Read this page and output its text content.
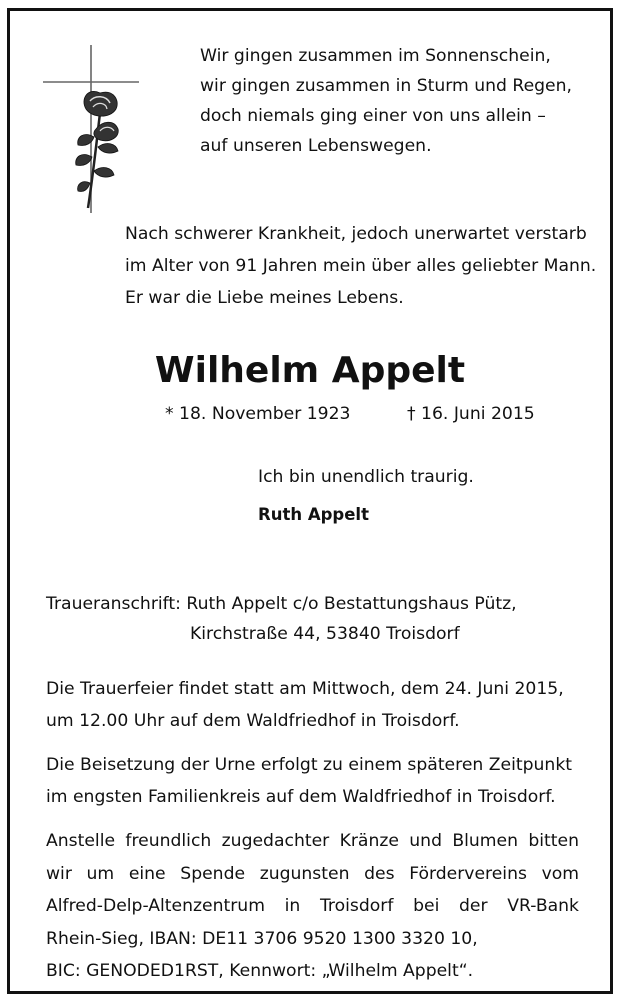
Wir gingen zusammen im Sonnenschein,
wir gingen zusammen in Sturm und Regen,
doch niemals ging einer von uns allein –
auf unseren Lebenswegen.
Nach schwerer Krankheit, jedoch unerwartet verstarb
im Alter von 91 Jahren mein über alles geliebter Mann.
Er war die Liebe meines Lebens.
Wilhelm Appelt
* 18. November 1923	† 16. Juni 2015
Ich bin unendlich traurig.
Ruth Appelt
Traueranschrift: Ruth Appelt c/o Bestattungshaus Pütz,
Kirchstraße 44, 53840 Troisdorf
Die Trauerfeier findet statt am Mittwoch, dem 24. Juni 2015,
um 12.00 Uhr auf dem Waldfriedhof in Troisdorf.
Die Beisetzung der Urne erfolgt zu einem späteren Zeitpunkt
im engsten Familienkreis auf dem Waldfriedhof in Troisdorf.
Anstelle freundlich zugedachter Kränze und Blumen bitten
wir um eine Spende zugunsten des Fördervereins vom
Alfred-Delp-Altenzentrum in Troisdorf bei der VR-Bank
Rhein-Sieg, IBAN: DE11 3706 9520 1300 3320 10,
BIC: GENODED1RST, Kennwort: „Wilhelm Appelt“.
